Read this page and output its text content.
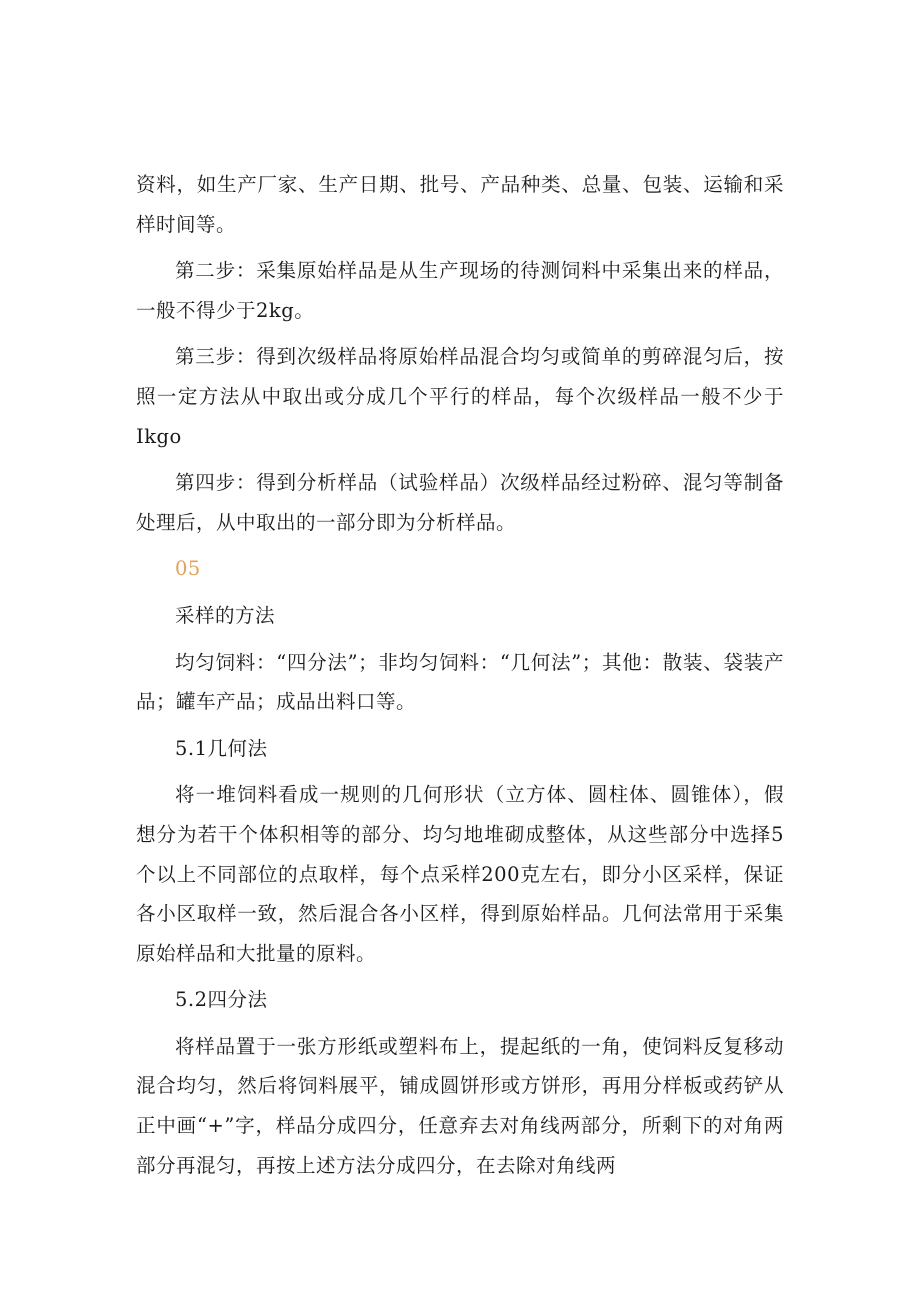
资料，如生产厂家、生产日期、批号、产品种类、总量、包装、运输和采样时间等。

第二步：采集原始样品是从生产现场的待测饲料中采集出来的样品，一般不得少于2kg。

第三步：得到次级样品将原始样品混合均匀或简单的剪碎混匀后，按照一定方法从中取出或分成几个平行的样品，每个次级样品一般不少于Ikgo

第四步：得到分析样品（试验样品）次级样品经过粉碎、混匀等制备处理后，从中取出的一部分即为分析样品。

05

采样的方法

均匀饲料：“四分法”；非均匀饲料：“几何法”；其他：散装、袋装产品；罐车产品；成品出料口等。

5.1几何法

将一堆饲料看成一规则的几何形状（立方体、圆柱体、圆锥体），假想分为若干个体积相等的部分、均匀地堆砌成整体，从这些部分中选择5个以上不同部位的点取样，每个点采样200克左右，即分小区采样，保证各小区取样一致，然后混合各小区样，得到原始样品。几何法常用于采集原始样品和大批量的原料。

5.2四分法

将样品置于一张方形纸或塑料布上，提起纸的一角，使饲料反复移动混合均匀，然后将饲料展平，铺成圆饼形或方饼形，再用分样板或药铲从正中画“+”字，样品分成四分，任意弃去对角线两部分，所剩下的对角两部分再混匀，再按上述方法分成四分，在去除对角线两
